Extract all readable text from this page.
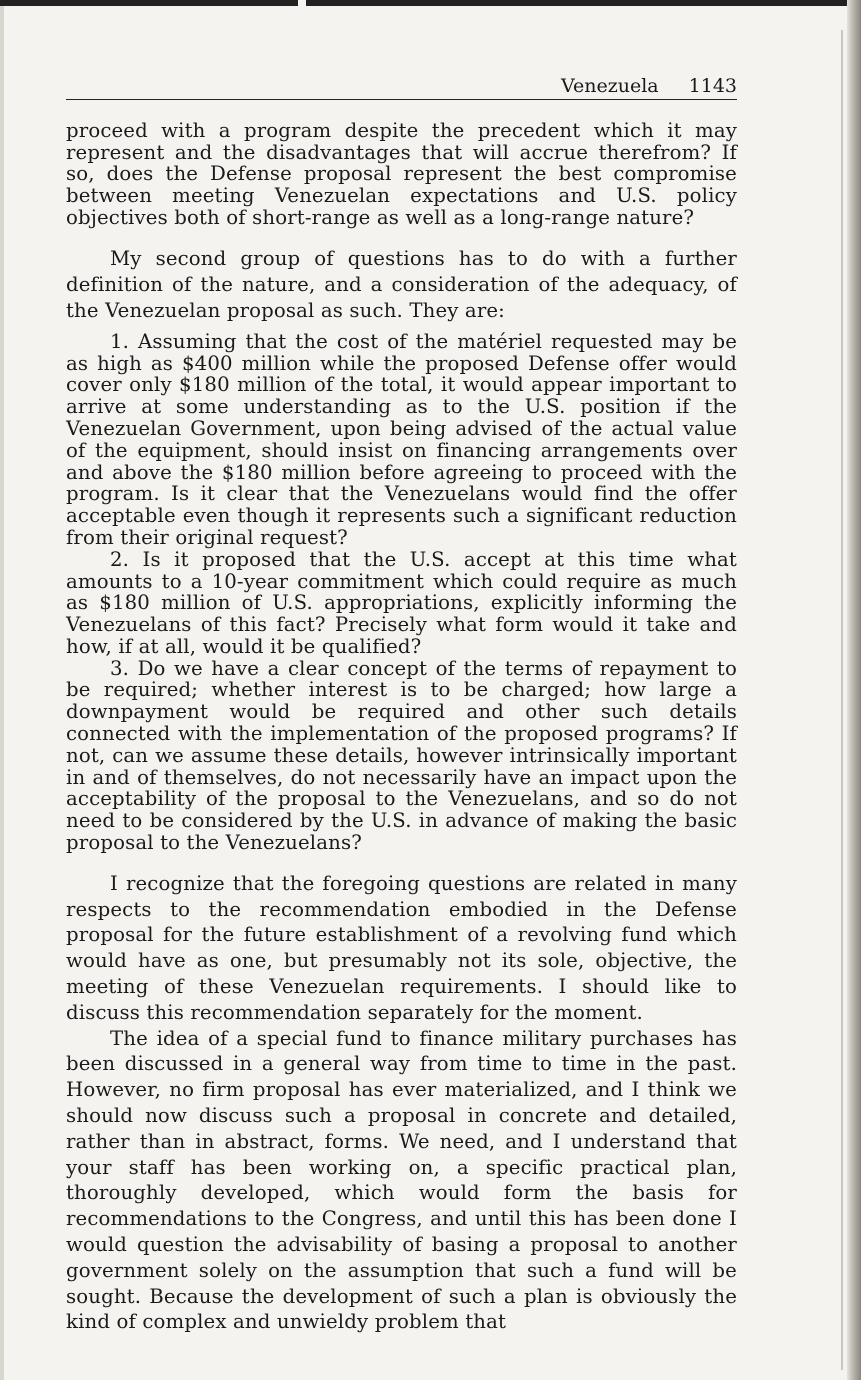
Venezuela 1143

proceed with a program despite the precedent which it may represent and the disadvantages that will accrue therefrom? If so, does the Defense proposal represent the best compromise between meeting Venezuelan expectations and U.S. policy objectives both of short-range as well as a long-range nature?

My second group of questions has to do with a further definition of the nature, and a consideration of the adequacy, of the Venezuelan proposal as such. They are:

1. Assuming that the cost of the matériel requested may be as high as $400 million while the proposed Defense offer would cover only $180 million of the total, it would appear important to arrive at some understanding as to the U.S. position if the Venezuelan Government, upon being advised of the actual value of the equipment, should insist on financing arrangements over and above the $180 million before agreeing to proceed with the program. Is it clear that the Venezuelans would find the offer acceptable even though it represents such a significant reduction from their original request?

2. Is it proposed that the U.S. accept at this time what amounts to a 10-year commitment which could require as much as $180 million of U.S. appropriations, explicitly informing the Venezuelans of this fact? Precisely what form would it take and how, if at all, would it be qualified?

3. Do we have a clear concept of the terms of repayment to be required; whether interest is to be charged; how large a downpayment would be required and other such details connected with the implementation of the proposed programs? If not, can we assume these details, however intrinsically important in and of themselves, do not necessarily have an impact upon the acceptability of the proposal to the Venezuelans, and so do not need to be considered by the U.S. in advance of making the basic proposal to the Venezuelans?

I recognize that the foregoing questions are related in many respects to the recommendation embodied in the Defense proposal for the future establishment of a revolving fund which would have as one, but presumably not its sole, objective, the meeting of these Venezuelan requirements. I should like to discuss this recommendation separately for the moment.

The idea of a special fund to finance military purchases has been discussed in a general way from time to time in the past. However, no firm proposal has ever materialized, and I think we should now discuss such a proposal in concrete and detailed, rather than in abstract, forms. We need, and I understand that your staff has been working on, a specific practical plan, thoroughly developed, which would form the basis for recommendations to the Congress, and until this has been done I would question the advisability of basing a proposal to another government solely on the assumption that such a fund will be sought. Because the development of such a plan is obviously the kind of complex and unwieldy problem that
